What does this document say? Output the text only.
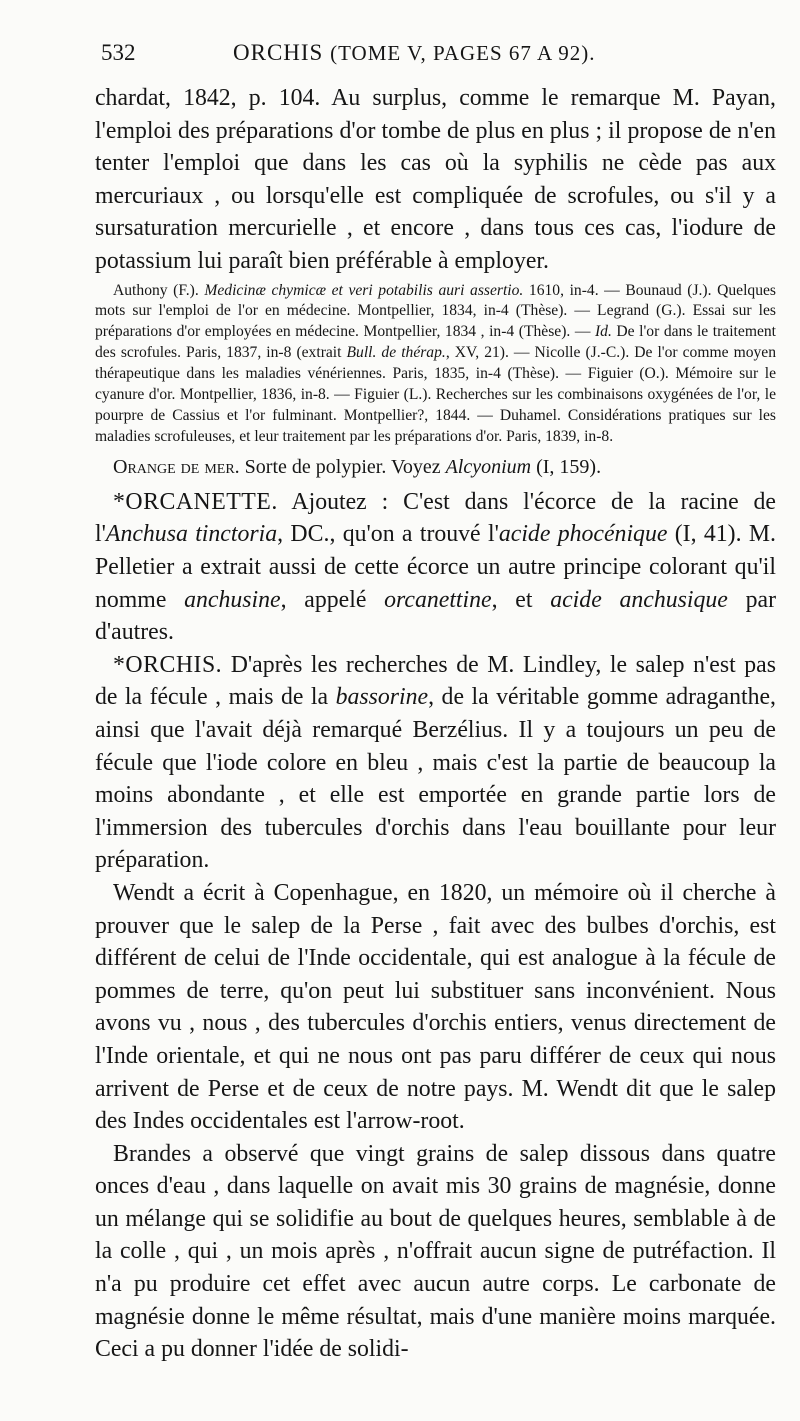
532	ORCHIS (TOME V, PAGES 67 A 92).

chardat, 1842, p. 104. Au surplus, comme le remarque M. Payan, l'emploi des préparations d'or tombe de plus en plus ; il propose de n'en tenter l'emploi que dans les cas où la syphilis ne cède pas aux mercuriaux , ou lorsqu'elle est compliquée de scrofules, ou s'il y a sursaturation mercurielle , et encore , dans tous ces cas, l'iodure de potassium lui paraît bien préférable à employer.

Authony (F.). Medicinæ chymicæ et veri potabilis auri assertio. 1610, in-4. — Bounaud (J.). Quelques mots sur l'emploi de l'or en médecine. Montpellier, 1834, in-4 (Thèse). — Legrand (G.). Essai sur les préparations d'or employées en médecine. Montpellier, 1834 , in-4 (Thèse). — Id. De l'or dans le traitement des scrofules. Paris, 1837, in-8 (extrait Bull. de thérap., XV, 21). — Nicolle (J.-C.). De l'or comme moyen thérapeutique dans les maladies vénériennes. Paris, 1835, in-4 (Thèse). — Figuier (O.). Mémoire sur le cyanure d'or. Montpellier, 1836, in-8. — Figuier (L.). Recherches sur les combinaisons oxygénées de l'or, le pourpre de Cassius et l'or fulminant. Montpellier?, 1844. — Duhamel. Considérations pratiques sur les maladies scrofuleuses, et leur traitement par les préparations d'or. Paris, 1839, in-8.

Orange de mer. Sorte de polypier. Voyez Alcyonium (I, 159).

*ORCANETTE. Ajoutez : C'est dans l'écorce de la racine de l'Anchusa tinctoria, DC., qu'on a trouvé l'acide phocénique (I, 41). M. Pelletier a extrait aussi de cette écorce un autre principe colorant qu'il nomme anchusine, appelé orcanettine, et acide anchusique par d'autres.

*ORCHIS. D'après les recherches de M. Lindley, le salep n'est pas de la fécule , mais de la bassorine, de la véritable gomme adraganthe, ainsi que l'avait déjà remarqué Berzélius. Il y a toujours un peu de fécule que l'iode colore en bleu , mais c'est la partie de beaucoup la moins abondante , et elle est emportée en grande partie lors de l'immersion des tubercules d'orchis dans l'eau bouillante pour leur préparation.

Wendt a écrit à Copenhague, en 1820, un mémoire où il cherche à prouver que le salep de la Perse , fait avec des bulbes d'orchis, est différent de celui de l'Inde occidentale, qui est analogue à la fécule de pommes de terre, qu'on peut lui substituer sans inconvénient. Nous avons vu , nous , des tubercules d'orchis entiers, venus directement de l'Inde orientale, et qui ne nous ont pas paru différer de ceux qui nous arrivent de Perse et de ceux de notre pays. M. Wendt dit que le salep des Indes occidentales est l'arrow-root.

Brandes a observé que vingt grains de salep dissous dans quatre onces d'eau , dans laquelle on avait mis 30 grains de magnésie, donne un mélange qui se solidifie au bout de quelques heures, semblable à de la colle , qui , un mois après , n'offrait aucun signe de putréfaction. Il n'a pu produire cet effet avec aucun autre corps. Le carbonate de magnésie donne le même résultat, mais d'une manière moins marquée. Ceci a pu donner l'idée de solidi-
